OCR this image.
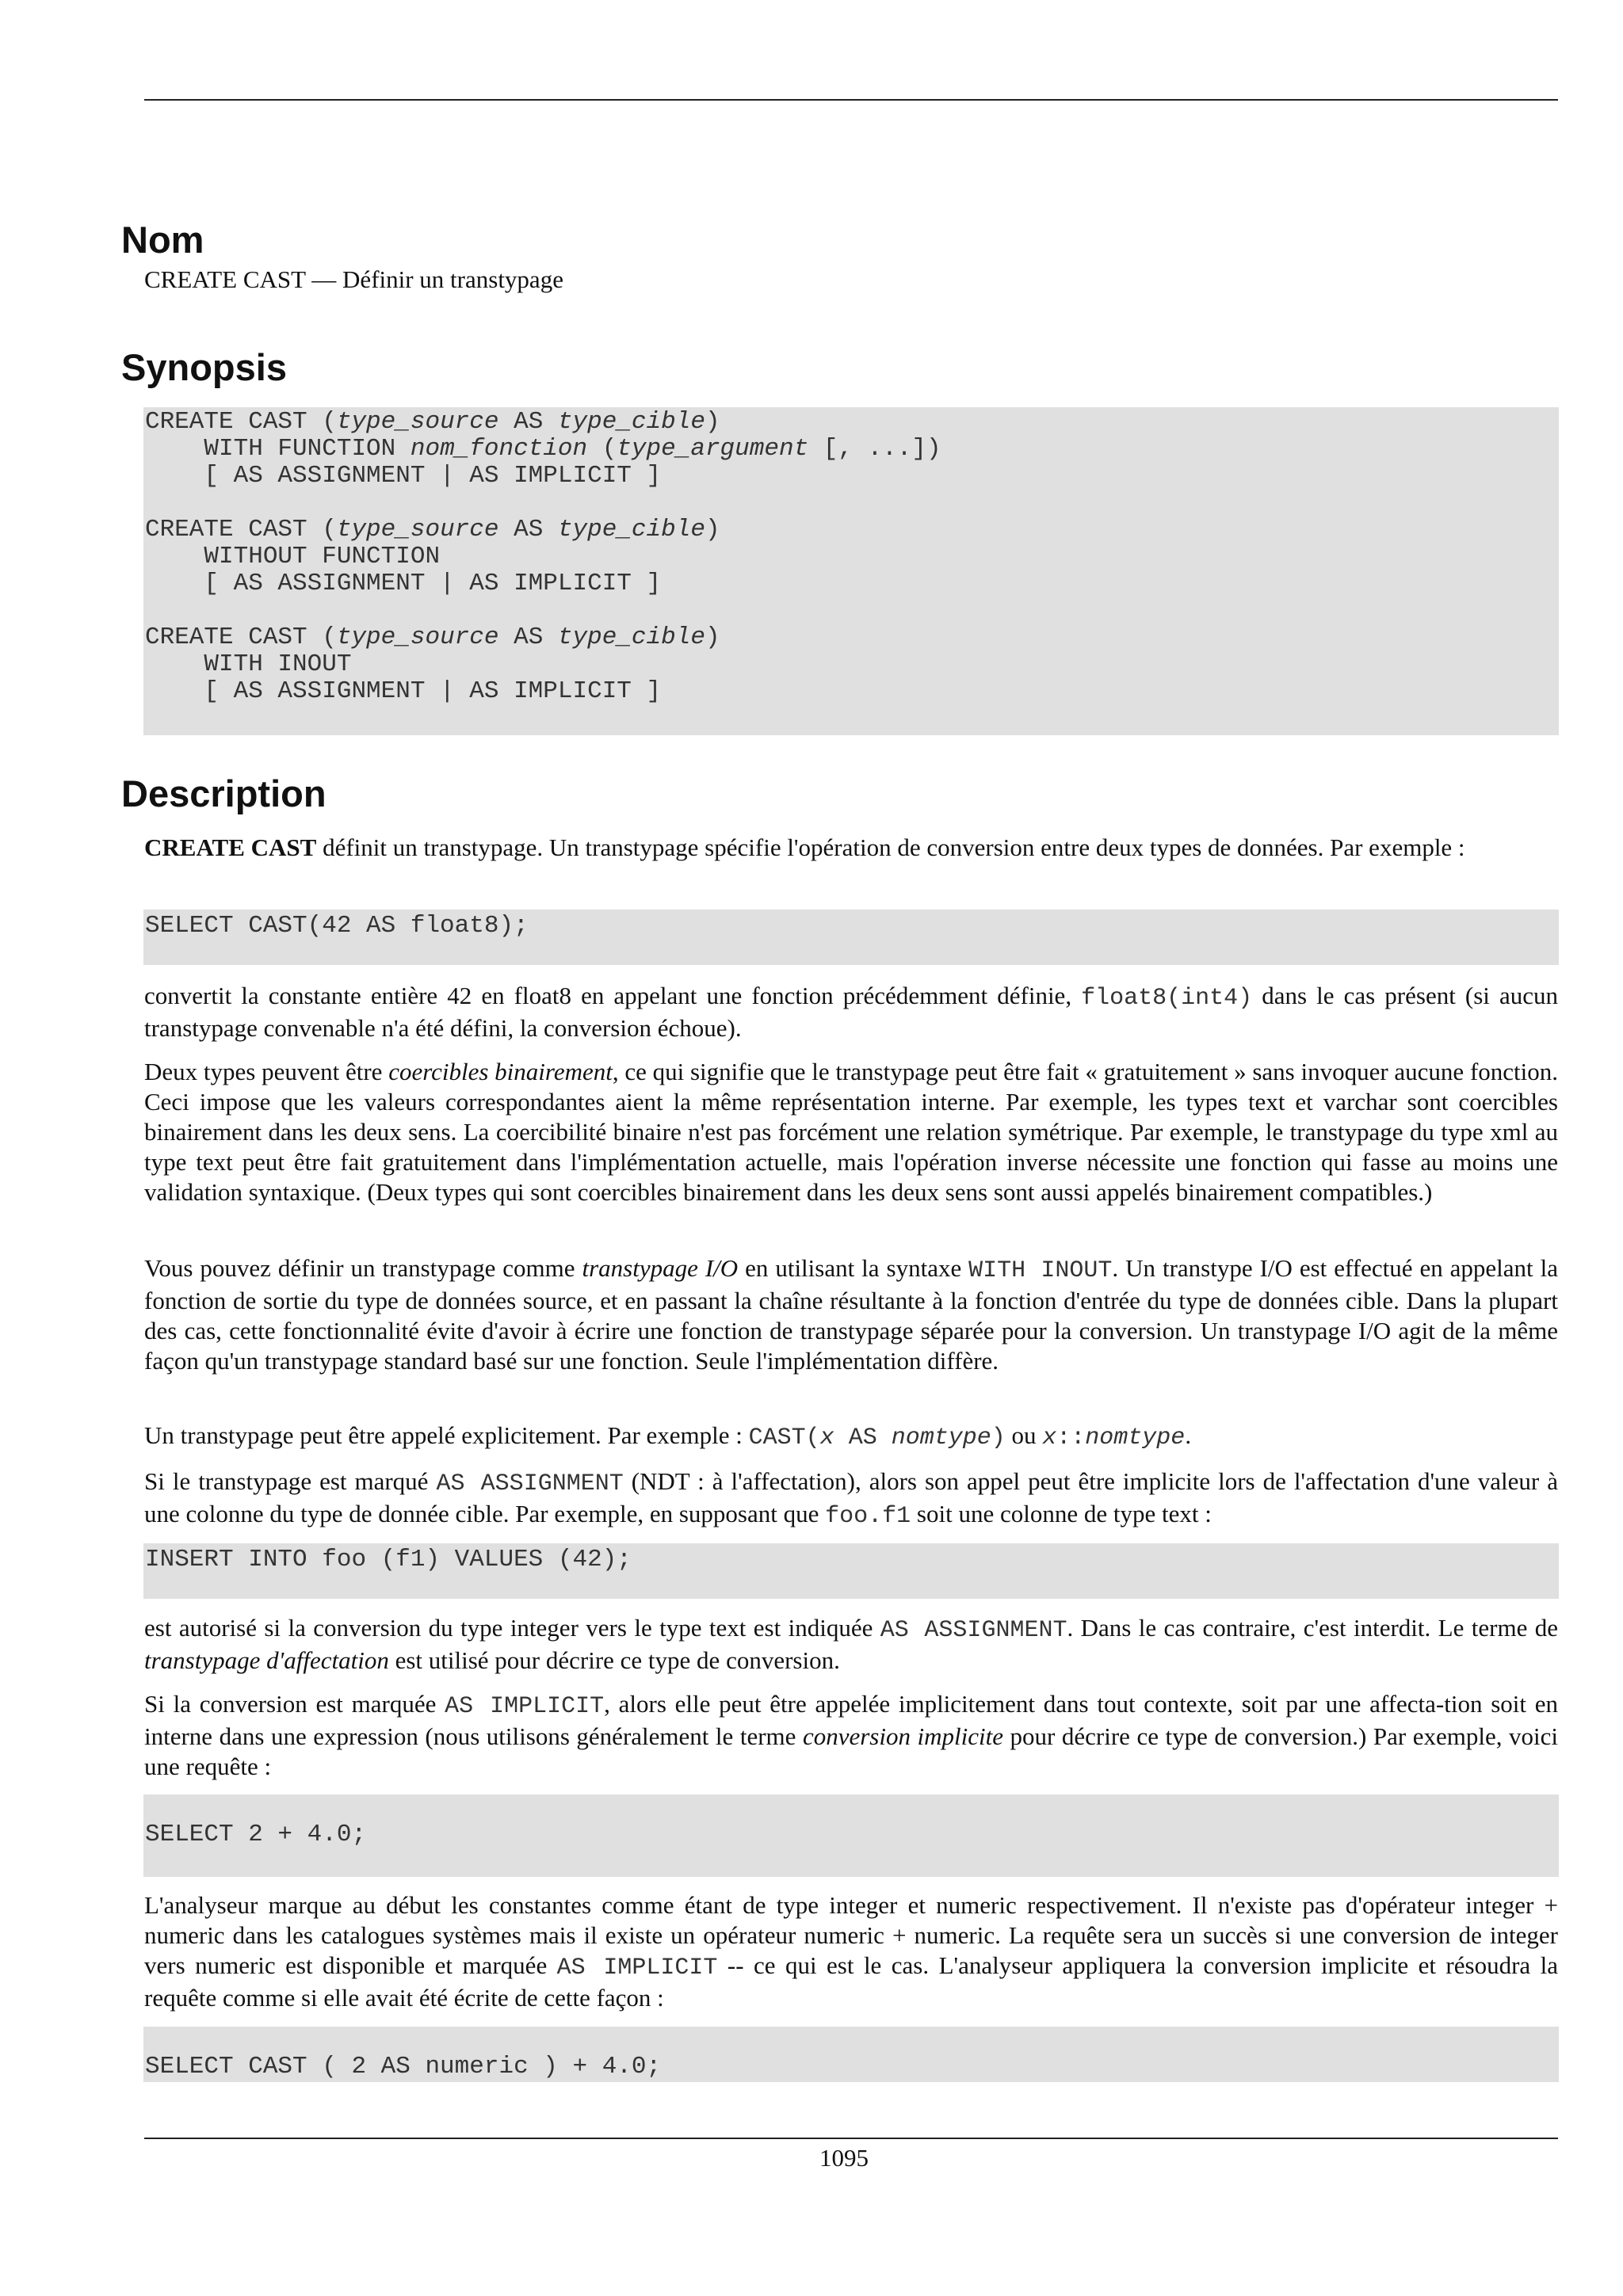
Nom

CREATE CAST — Définir un transtypage

Synopsis
CREATE CAST (type_source AS type_cible)
WITH FUNCTION nom_fonction (type_argument [, ...])
[ AS ASSIGNMENT | AS IMPLICIT ]
CREATE CAST (type_source AS type_cible)
WITHOUT FUNCTION
[ AS ASSIGNMENT | AS IMPLICIT ]
CREATE CAST (type_source AS type_cible)
WITH INOUT
[ AS ASSIGNMENT | AS IMPLICIT ]
Description

CREATE CAST définit un transtypage. Un transtypage spécifie l'opération de conversion entre deux types de données. Par exemple :

SELECT CAST(42 AS float8);

convertit la constante entière 42 en float8 en appelant une fonction précédemment définie, float8(int4) dans le cas présent (si aucun transtypage convenable n'a été défini, la conversion échoue).

Deux types peuvent être coercibles binairement, ce qui signifie que le transtypage peut être fait « gratuitement » sans invoquer aucune fonction. Ceci impose que les valeurs correspondantes aient la même représentation interne. Par exemple, les types text et varchar sont coercibles binairement dans les deux sens. La coercibilité binaire n'est pas forcément une relation symétrique. Par exemple, le transtypage du type xml au type text peut être fait gratuitement dans l'implémentation actuelle, mais l'opération inverse nécessite une fonction qui fasse au moins une validation syntaxique. (Deux types qui sont coercibles binairement dans les deux sens sont aussi appelés binairement compatibles.)

Vous pouvez définir un transtypage comme transtypage I/O en utilisant la syntaxe WITH INOUT. Un transtype I/O est effectué en appelant la fonction de sortie du type de données source, et en passant la chaîne résultante à la fonction d'entrée du type de données cible. Dans la plupart des cas, cette fonctionnalité évite d'avoir à écrire une fonction de transtypage séparée pour la conversion. Un transtypage I/O agit de la même façon qu'un transtypage standard basé sur une fonction. Seule l'implémentation diffère.

Un transtypage peut être appelé explicitement. Par exemple : CAST(x AS nomtype) ou x::nomtype.

Si le transtypage est marqué AS ASSIGNMENT (NDT : à l'affectation), alors son appel peut être implicite lors de l'affectation d'une valeur à une colonne du type de donnée cible. Par exemple, en supposant que foo.f1 soit une colonne de type text :

INSERT INTO foo (f1) VALUES (42);

est autorisé si la conversion du type integer vers le type text est indiquée AS ASSIGNMENT. Dans le cas contraire, c'est interdit. Le terme de transtypage d'affectation est utilisé pour décrire ce type de conversion.

Si la conversion est marquée AS IMPLICIT, alors elle peut être appelée implicitement dans tout contexte, soit par une affecta-tion soit en interne dans une expression (nous utilisons généralement le terme conversion implicite pour décrire ce type de conversion.) Par exemple, voici une requête :

SELECT 2 + 4.0;

L'analyseur marque au début les constantes comme étant de type integer et numeric respectivement. Il n'existe pas d'opérateur integer + numeric dans les catalogues systèmes mais il existe un opérateur numeric + numeric. La requête sera un succès si une conversion de integer vers numeric est disponible et marquée AS IMPLICIT -- ce qui est le cas. L'analyseur appliquera la conversion implicite et résoudra la requête comme si elle avait été écrite de cette façon :

SELECT CAST ( 2 AS numeric ) + 4.0;
1095
